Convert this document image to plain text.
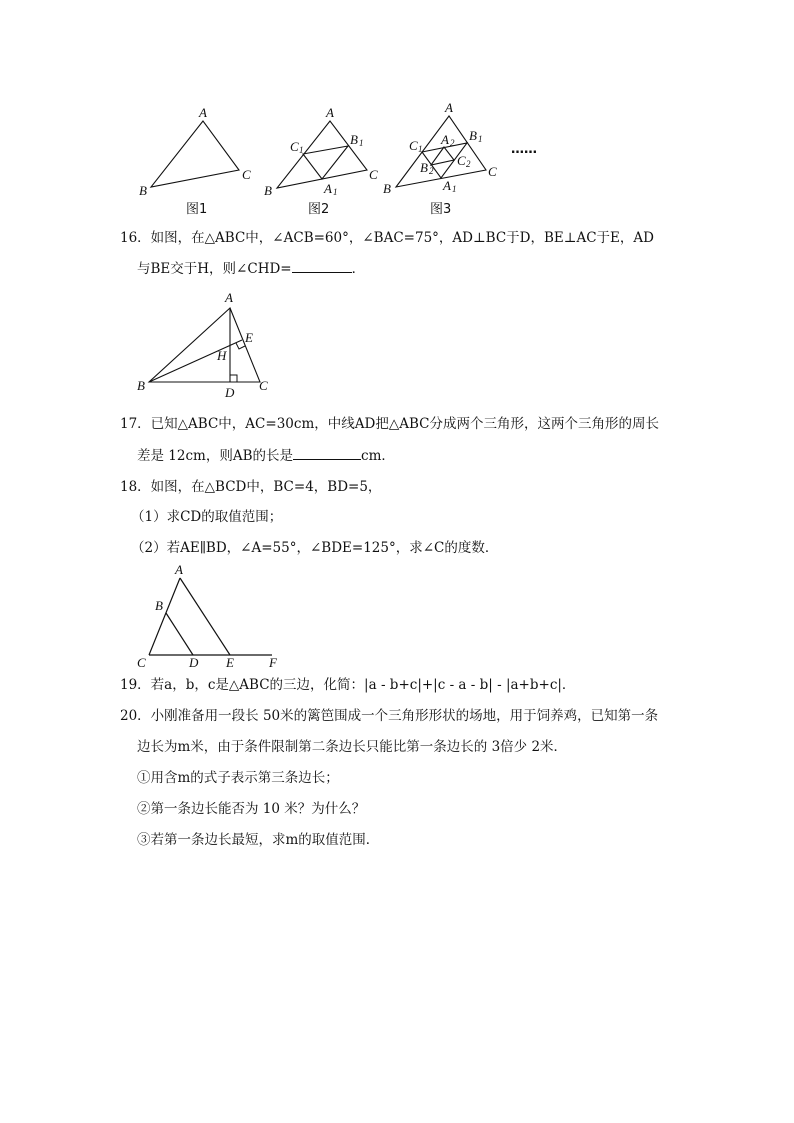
A
B
C
图1
A
B
C
C 1
B 1
A 1
图2
A
B
C
C 1
B 1
A 1
A 2
B 2
C 2
图3
……
16．如图，在△ABC中，∠ACB=60°，∠BAC=75°，AD⊥BC于D，BE⊥AC于E，AD
与BE交于H，则∠CHD=	．
A
B	C
D
E
H
17．已知△ABC中，AC=30cm，中线AD把△ABC分成两个三角形，这两个三角形的周长
差是 12cm，则AB的长是	cm．
18．如图，在△BCD中，BC=4，BD=5，
（1）求CD的取值范围；
（2）若AE∥BD，∠A=55°，∠BDE=125°，求∠C的度数．
A
B
C	D E	F
19．若a，b，c是△ABC的三边，化简：|a - b+c|+|c - a - b| - |a+b+c|．
20．小刚准备用一段长 50米的篱笆围成一个三角形形状的场地，用于饲养鸡，已知第一条
边长为m米，由于条件限制第二条边长只能比第一条边长的 3倍少 2米．
①用含m的式子表示第三条边长；
②第一条边长能否为 10 米？为什么？
③若第一条边长最短，求m的取值范围．
